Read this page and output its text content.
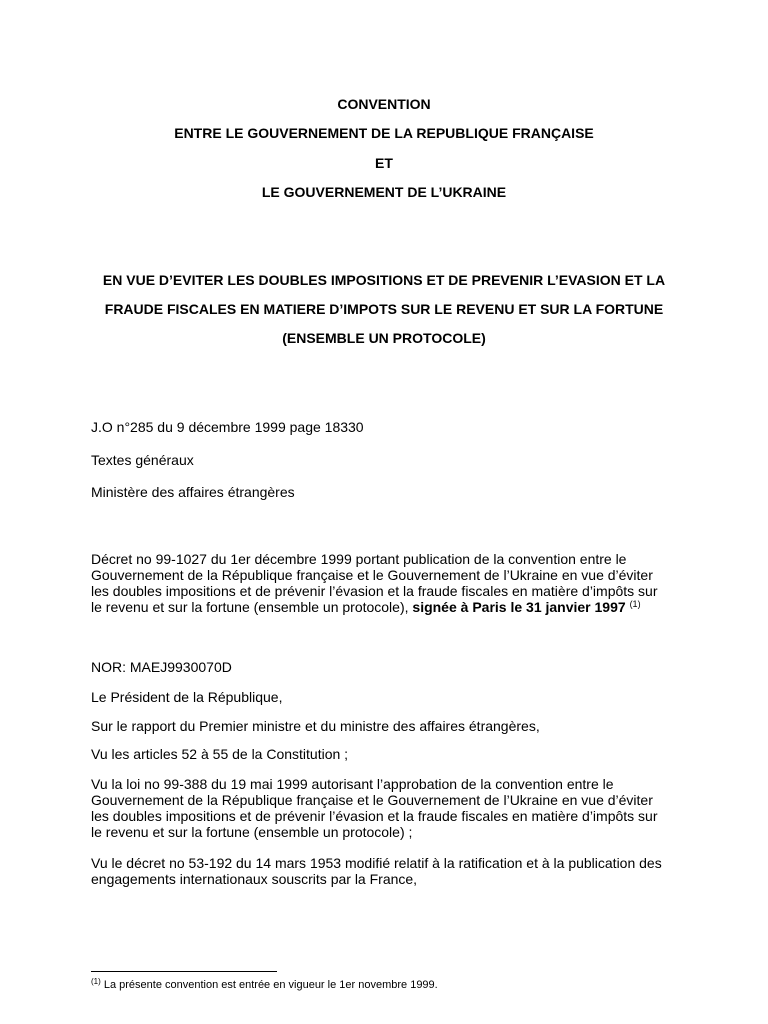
CONVENTION

ENTRE LE GOUVERNEMENT DE LA REPUBLIQUE FRANÇAISE

ET

LE GOUVERNEMENT DE L’UKRAINE

EN VUE D’EVITER LES DOUBLES IMPOSITIONS ET DE PREVENIR L’EVASION ET LA

FRAUDE FISCALES EN MATIERE D’IMPOTS SUR LE REVENU ET SUR LA FORTUNE

(ENSEMBLE UN PROTOCOLE)

J.O n°285 du 9 décembre 1999 page 18330

Textes généraux

Ministère des affaires étrangères

Décret no 99-1027 du 1er décembre 1999 portant publication de la convention entre le
Gouvernement de la République française et le Gouvernement de l’Ukraine en vue d’éviter
les doubles impositions et de prévenir l’évasion et la fraude fiscales en matière d’impôts sur
le revenu et sur la fortune (ensemble un protocole), signée à Paris le 31 janvier 1997 $^{(1)}$

NOR: MAEJ9930070D

Le Président de la République,

Sur le rapport du Premier ministre et du ministre des affaires étrangères,

Vu les articles 52 à 55 de la Constitution ;

Vu la loi no 99-388 du 19 mai 1999 autorisant l’approbation de la convention entre le
Gouvernement de la République française et le Gouvernement de l’Ukraine en vue d’éviter
les doubles impositions et de prévenir l’évasion et la fraude fiscales en matière d’impôts sur
le revenu et sur la fortune (ensemble un protocole) ;
Vu le décret no 53-192 du 14 mars 1953 modifié relatif à la ratification et à la publication des
engagements internationaux souscrits par la France,

$^{(1)}$ La présente convention est entrée en vigueur le 1er novembre 1999.
